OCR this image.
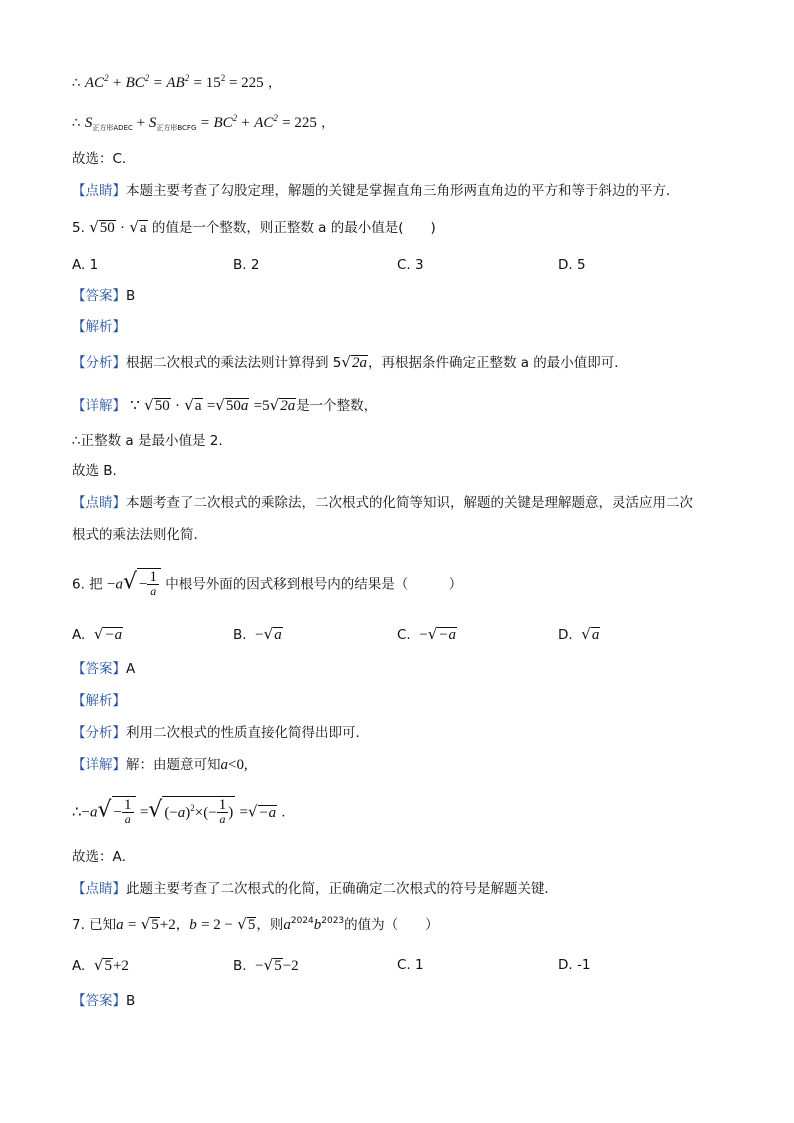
∴ $AC^2 + BC^2 = AB^2 = 15^2 = 225$ ，
∴ $S_{正方形ADEC} + S_{正方形BCFG} = BC^2 + AC^2 = 225$ ，
故选：C．
【点睛】本题主要考查了勾股定理，解题的关键是掌握直角三角形两直角边的平方和等于斜边的平方．
5. √50 · √a 的值是一个整数，则正整数 a 的最小值是(　　)
A. 1	B. 2	C. 3	D. 5
【答案】B
【解析】
【分析】根据二次根式的乘法法则计算得到 5√2a，再根据条件确定正整数 a 的最小值即可．
【详解】 ∵ √50 · √a =√50a =5√2a是一个整数，
∴正整数 a 是最小值是 2.
故选 B.
【点睛】本题考查了二次根式的乘除法，二次根式的化简等知识，解题的关键是理解题意，灵活应用二次
根式的乘法法则化简．
6. 把 $-a√ - \frac{1}{a}$ 中根号外面的因式移到根号内的结果是（　　　）
A. √−a	B. −√a	C. −√−a	D. √a
【答案】A
【解析】
【分析】利用二次根式的性质直接化简得出即可．
【详解】解：由题意可知a<0,
∴−a√ − $\frac{1}{a}$ =√ $(-a)^2\times(- \frac{1}{a}$ ) =√−a .
故选：A．
【点睛】此题主要考查了二次根式的化简，正确确定二次根式的符号是解题关键．
7. 已知a = √5+2，b = 2 − √5，则$a^{2024}b^{2023}$的值为（　　）
A. √5+2	B. −√5−2	C. 1	D. -1
【答案】B
